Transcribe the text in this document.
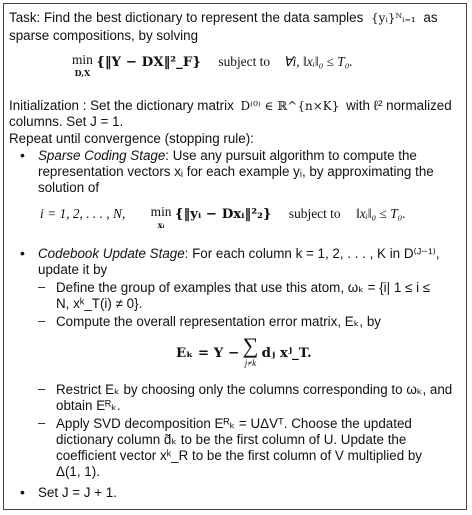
Task: Find the best dictionary to represent the data samples {yᵢ}ᴺᵢ₌₁ as
sparse compositions, by solving
min
D,X {‖Y − DX‖²_F} subject to ∀i, ‖xᵢ‖₀ ≤ T₀.
Initialization : Set the dictionary matrix D⁽⁰⁾ ∈ ℝ^{n×K} with ℓ² normalized
columns. Set J = 1.
Repeat until convergence (stopping rule):
• Sparse Coding Stage: Use any pursuit algorithm to compute the
representation vectors xᵢ for each example yᵢ, by approximating the
solution of
i = 1, 2, . . . , N, min
xᵢ {‖yᵢ − Dxᵢ‖²₂} subject to ‖xᵢ‖₀ ≤ T₀.
• Codebook Update Stage: For each column k = 1, 2, . . . , K in D⁽ᴶ⁻¹⁾,
update it by
– Define the group of examples that use this atom, ωₖ = {i| 1 ≤ i ≤
N, xᵏ_T(i) ≠ 0}.
– Compute the overall representation error matrix, Eₖ, by
Eₖ = Y − ∑
j≠k
dⱼ xʲ_T.
– Restrict Eₖ by choosing only the columns corresponding to ωₖ, and
obtain Eᴿₖ.
– Apply SVD decomposition Eᴿₖ = UΔVᵀ. Choose the updated
dictionary column d̃ₖ to be the first column of U. Update the
coefficient vector xᵏ_R to be the first column of V multiplied by
Δ(1, 1).
• Set J = J + 1.
